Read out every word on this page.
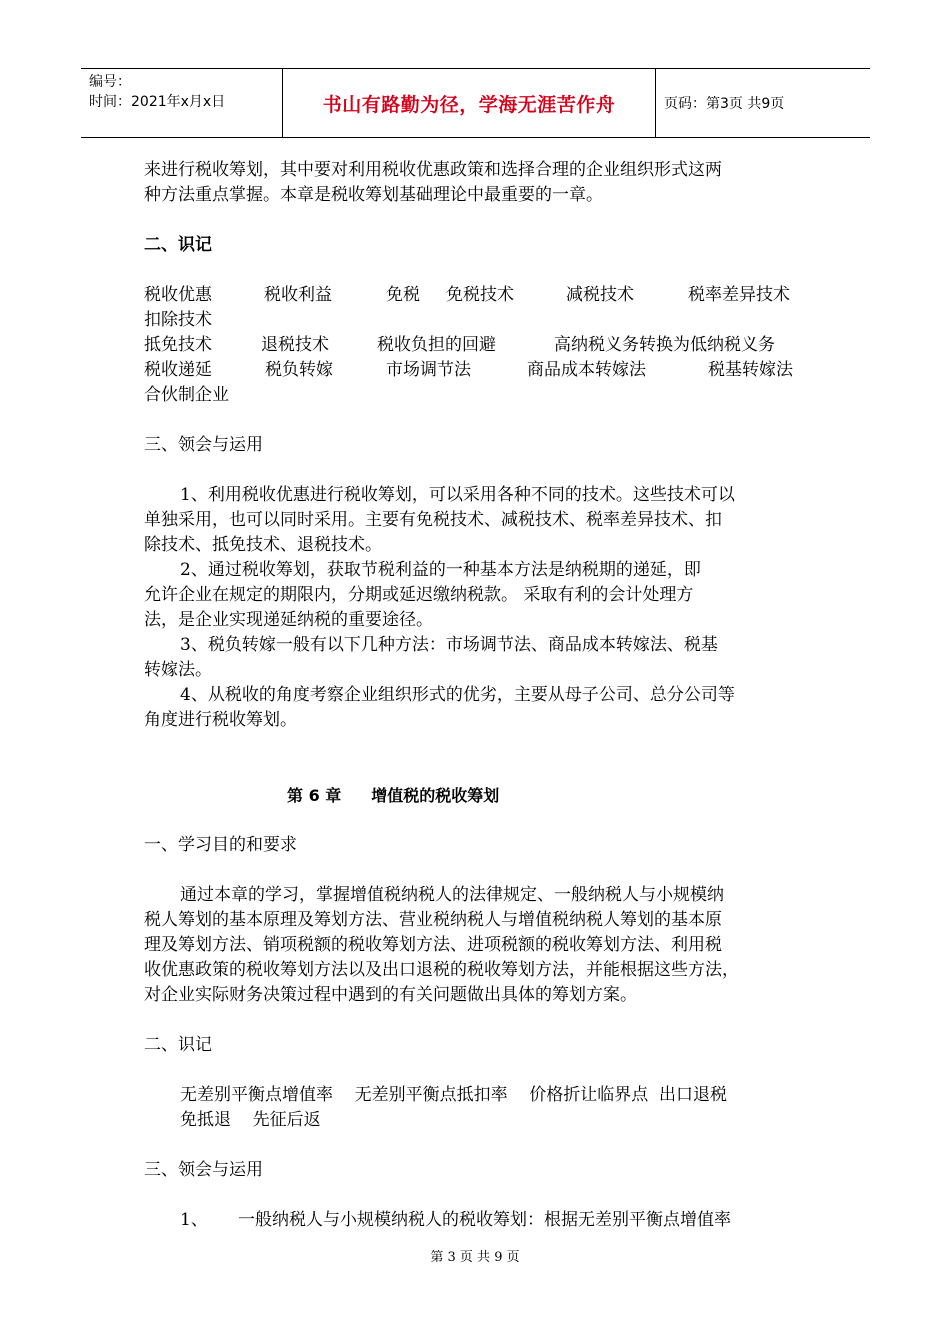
编号：
时间：2021年x月x日	书山有路勤为径，学海无涯苦作舟	页码：第3页 共9页

来进行税收筹划，其中要对利用税收优惠政策和选择合理的企业组织形式这两

种方法重点掌握。本章是税收筹划基础理论中最重要的一章。

二、识记

税收优惠	税收利益	免税 免税技术	减税技术	税率差异技术

扣除技术

抵免技术	退税技术	税收负担的回避	高纳税义务转换为低纳税义务

税收递延	税负转嫁	市场调节法	商品成本转嫁法	税基转嫁法

合伙制企业

三、领会与运用

1、利用税收优惠进行税收筹划，可以采用各种不同的技术。这些技术可以

单独采用，也可以同时采用。主要有免税技术、减税技术、税率差异技术、扣

除技术、抵免技术、退税技术。

2、通过税收筹划，获取节税利益的一种基本方法是纳税期的递延，即

允许企业在规定的期限内，分期或延迟缴纳税款。 采取有利的会计处理方

法，是企业实现递延纳税的重要途径。

3、税负转嫁一般有以下几种方法：市场调节法、商品成本转嫁法、税基

转嫁法。

4、从税收的角度考察企业组织形式的优劣，主要从母子公司、总分公司等

角度进行税收筹划。

第 6 章 增值税的税收筹划

一、学习目的和要求

通过本章的学习，掌握增值税纳税人的法律规定、一般纳税人与小规模纳

税人筹划的基本原理及筹划方法、营业税纳税人与增值税纳税人筹划的基本原

理及筹划方法、销项税额的税收筹划方法、进项税额的税收筹划方法、利用税

收优惠政策的税收筹划方法以及出口退税的税收筹划方法，并能根据这些方法，

对企业实际财务决策过程中遇到的有关问题做出具体的筹划方案。

二、识记

无差别平衡点增值率    无差别平衡点抵扣率    价格折让临界点  出口退税

免抵退    先征后返

三、领会与运用

1、 一般纳税人与小规模纳税人的税收筹划：根据无差别平衡点增值率

第 3 页 共 9 页
